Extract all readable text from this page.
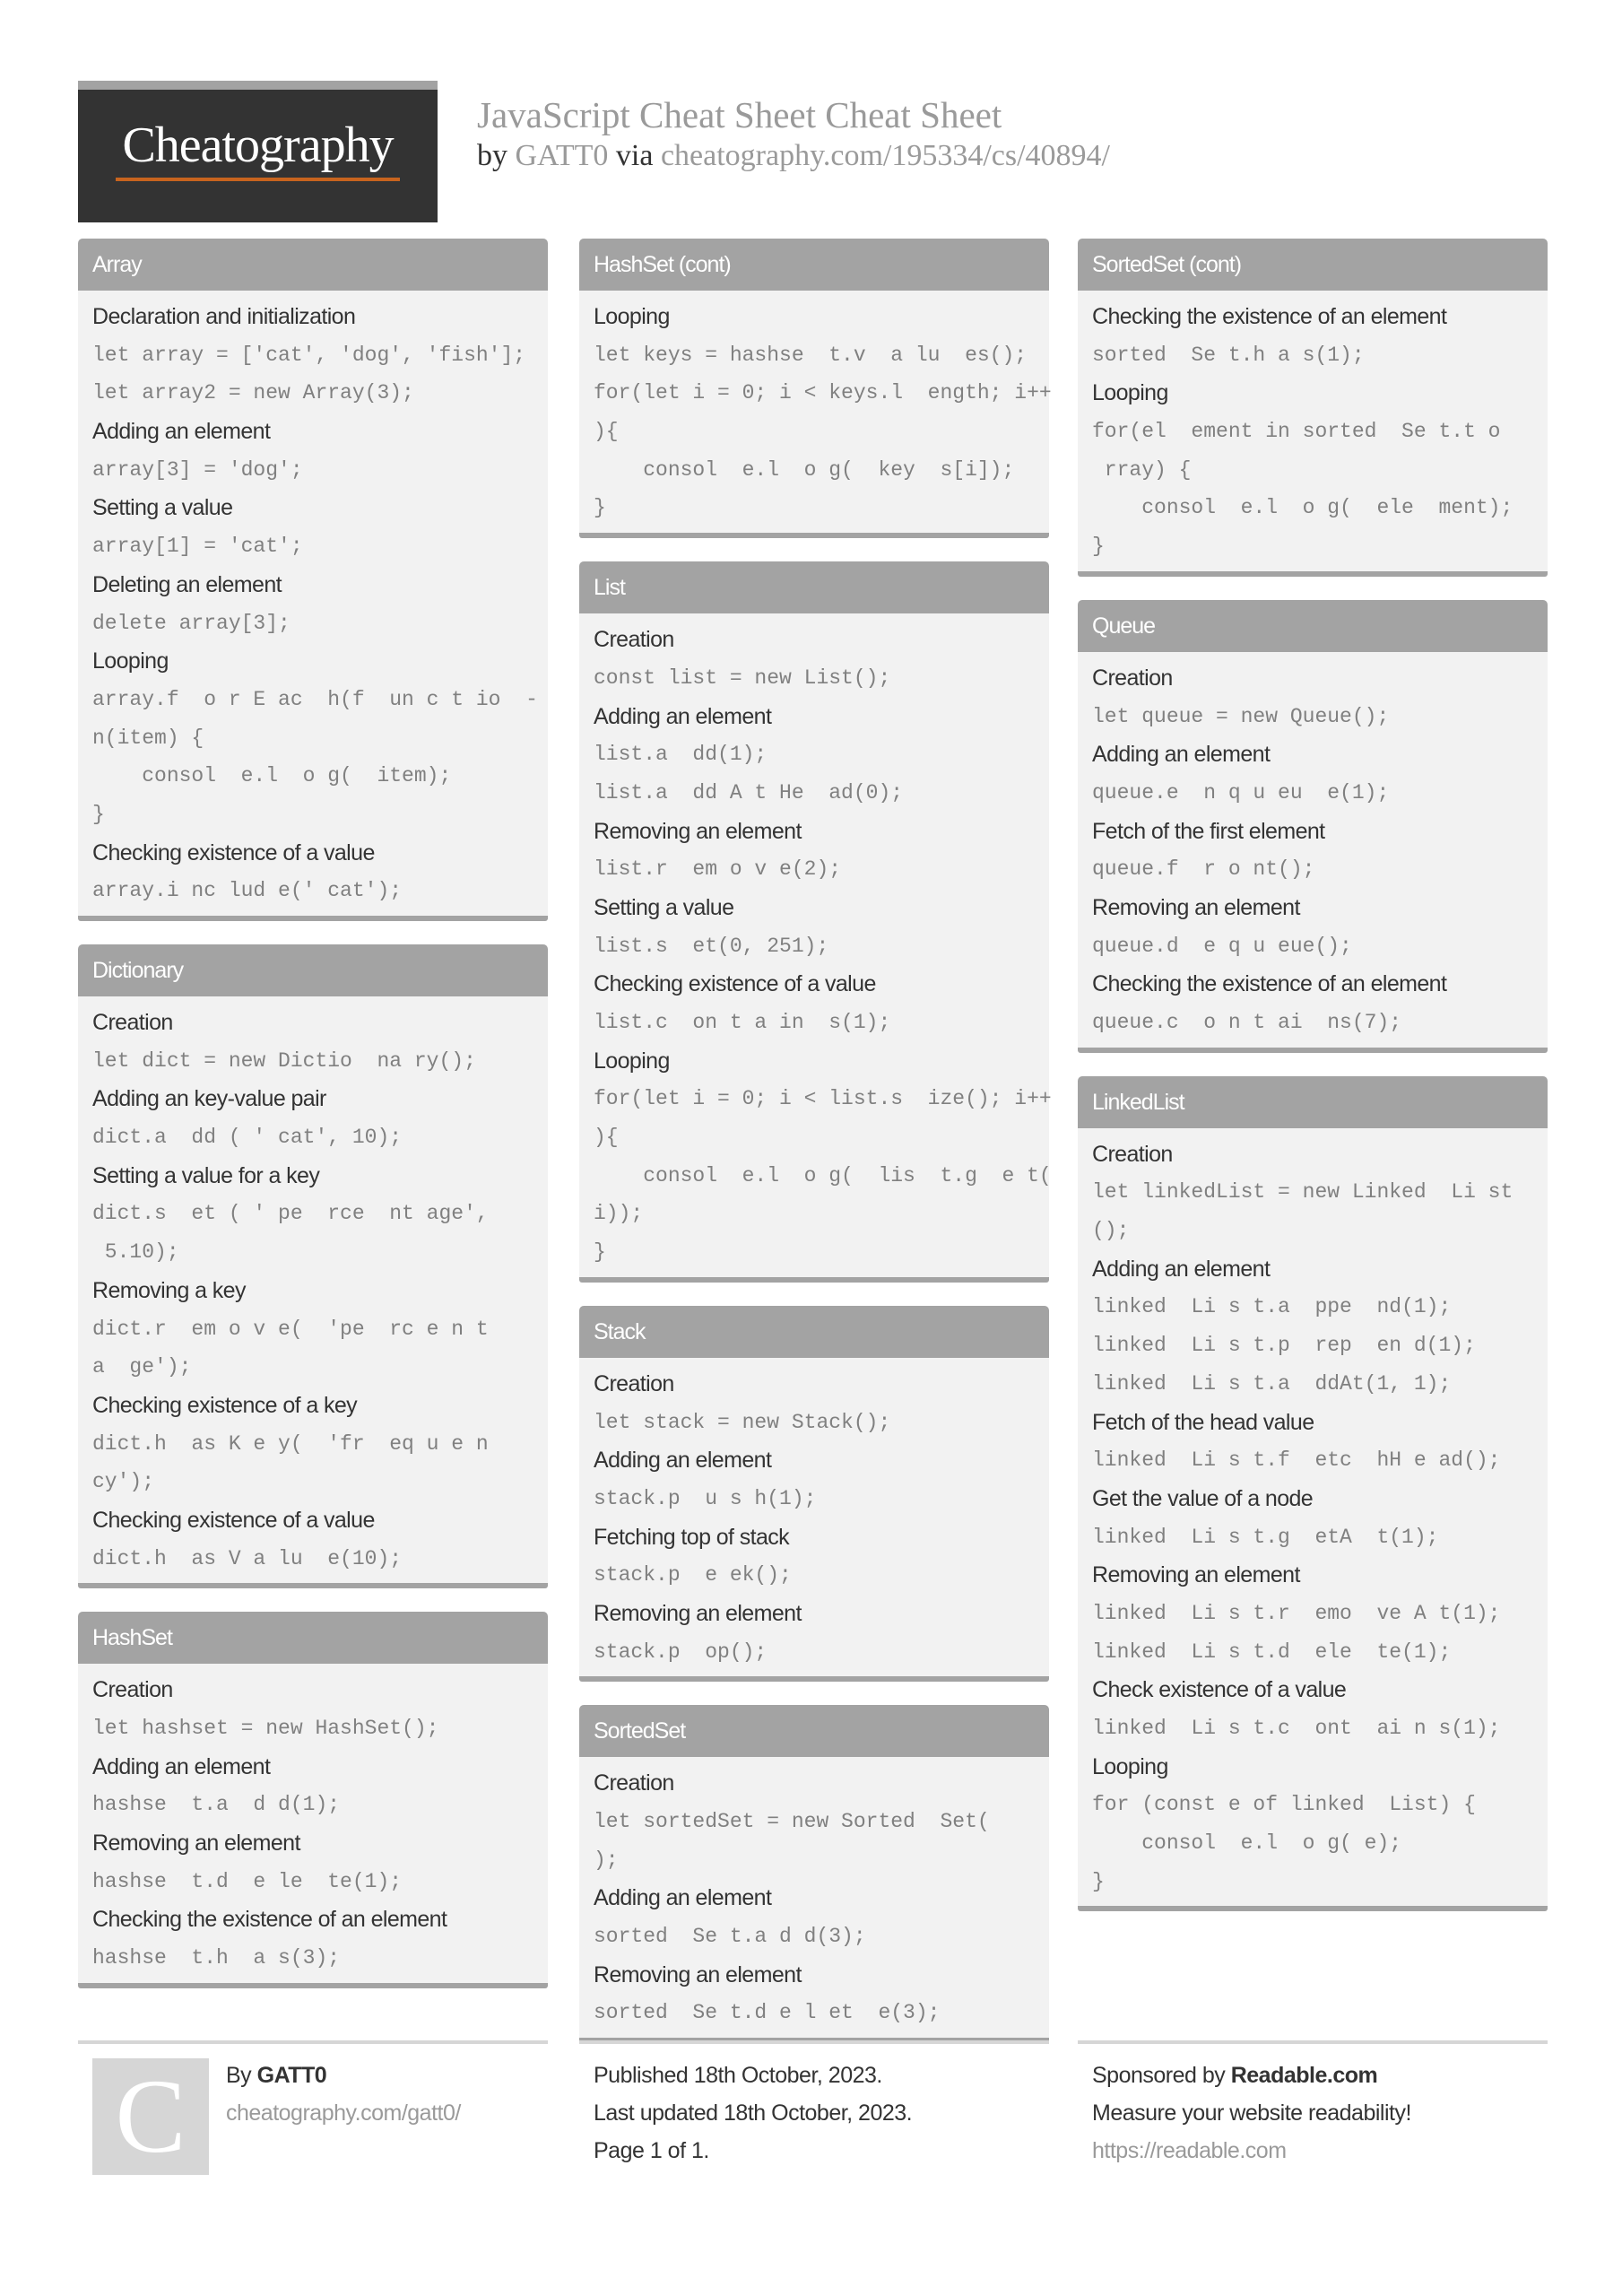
Cheatography
JavaScript Cheat Sheet Cheat Sheet
by GATT0 via cheatography.com/195334/cs/40894/
Array
Declaration and initialization
let array = ['cat', 'dog', 'fish'];
let array2 = new Array(3);
Adding an element
array[3] = 'dog';
Setting a value
array[1] = 'cat';
Deleting an element
delete array[3];
Looping
array.f  o r E ac  h(f  un c t io  -
n(item) {
consol  e.l  o g(  item);
}
Checking existence of a value
array.i nc lud e(' cat');
Dictionary
Creation
let dict = new Dictio  na ry();
Adding an key-value pair
dict.a  dd ( ' cat', 10);
Setting a value for a key
dict.s  et ( ' pe  rce  nt age',
5.10);
Removing a key
dict.r  em o v e(  'pe  rc e n t
a  ge');
Checking existence of a key
dict.h  as K e y(  'fr  eq u e n
cy');
Checking existence of a value
dict.h  as V a lu  e(10);
HashSet
Creation
let hashset = new HashSet();
Adding an element
hashse  t.a  d d(1);
Removing an element
hashse  t.d  e le  te(1);
Checking the existence of an element
hashse  t.h  a s(3);
HashSet (cont)
Looping
let keys = hashse  t.v  a lu  es();
for(let i = 0; i < keys.l  ength; i++
){
consol  e.l  o g(  key  s[i]);
}
List
Creation
const list = new List();
Adding an element
list.a  dd(1);
list.a  dd A t He  ad(0);
Removing an element
list.r  em o v e(2);
Setting a value
list.s  et(0, 251);
Checking existence of a value
list.c  on t a in  s(1);
Looping
for(let i = 0; i < list.s  ize(); i++
){
consol  e.l  o g(  lis  t.g  e t(
i));
}
Stack
Creation
let stack = new Stack();
Adding an element
stack.p  u s h(1);
Fetching top of stack
stack.p  e ek();
Removing an element
stack.p  op();
SortedSet
Creation
let sortedSet = new Sorted  Set(
);
Adding an element
sorted  Se t.a d d(3);
Removing an element
sorted  Se t.d e l et  e(3);
SortedSet (cont)
Checking the existence of an element
sorted  Se t.h a s(1);
Looping
for(el  ement in sorted  Se t.t o
rray) {
consol  e.l  o g(  ele  ment);
}
Queue
Creation
let queue = new Queue();
Adding an element
queue.e  n q u eu  e(1);
Fetch of the first element
queue.f  r o nt();
Removing an element
queue.d  e q u eue();
Checking the existence of an element
queue.c  o n t ai  ns(7);
LinkedList
Creation
let linkedList = new Linked  Li st
();
Adding an element
linked  Li s t.a  ppe  nd(1);
linked  Li s t.p  rep  en d(1);
linked  Li s t.a  ddAt(1, 1);
Fetch of the head value
linked  Li s t.f  etc  hH e ad();
Get the value of a node
linked  Li s t.g  etA  t(1);
Removing an element
linked  Li s t.r  emo  ve A t(1);
linked  Li s t.d  ele  te(1);
Check existence of a value
linked  Li s t.c  ont  ai n s(1);
Looping
for (const e of linked  List) {
consol  e.l  o g( e);
}
C	By GATT0
cheatography.com/gatt0/
Published 18th October, 2023.
Last updated 18th October, 2023.
Page 1 of 1.
Sponsored by Readable.com
Measure your website readability!
https://readable.com
